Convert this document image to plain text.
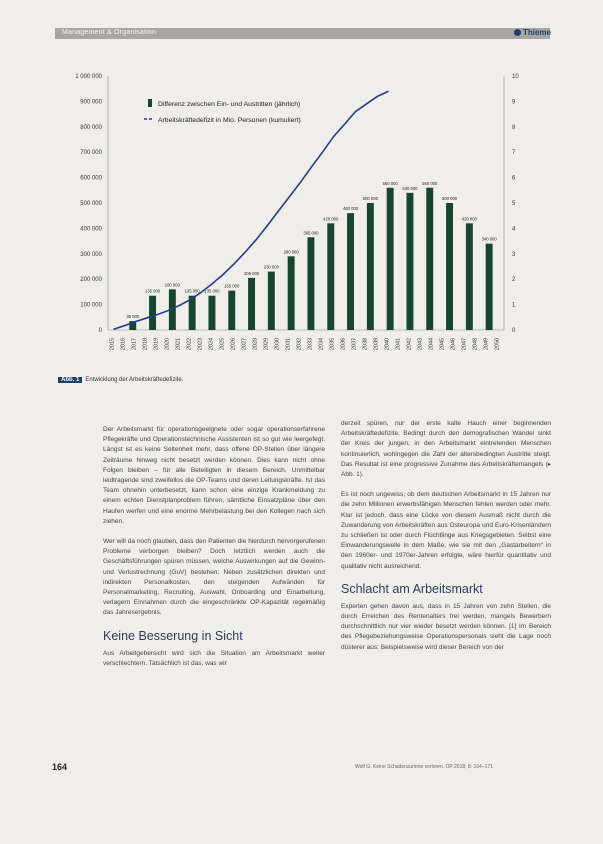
Management & Organisation	Thieme
1 000 000
900 000
800 000
700 000
600 000
500 000
400 000
300 000
200 000
100 000
0
10
9
8
7
6
5
4
3
2
1
0
2015 2016 2017 2018 2019 2020 2021 2022 2023 2024 2025 2026 2027 2028 2029 2030 2031 2032 2033 2034 2035 2036 2037 2038 2039 2040 2041 2042 2043 2044 2045 2046 2047 2048 2049 2050
35 000
135 000
160 000
135 000 135 000
155 000
205 000
230 000
290 000
365 000
420 000
460 000
500 000
560 000
540 000
560 000
500 000
420 000
340 000
Differenz zwischen Ein- und Austritten (jährlich)
Arbeitskräftedefizit in Mio. Personen (kumuliert)
Abb. 1 Entwicklung der Arbeitskräftedefizite.

Der Arbeitsmarkt für operationsgeeignete oder sogar operationserfahrene Pflegekräfte und Operationstechnische Assistenten ist so gut wie leergefegt. Längst ist es keine Seltenheit mehr, dass offene OP-Stellen über längere Zeiträume hinweg nicht besetzt werden können. Dies kann nicht ohne Folgen bleiben – für alle Beteiligten in diesem Bereich. Unmittelbar leidtragende sind zweifellos die OP-Teams und deren Leitungskräfte. Ist das Team ohnehin unterbesetzt, kann schon eine einzige Krankmeldung zu einem echten Dienstplanproblem führen, sämtliche Einsatzpläne über den Haufen werfen und eine enorme Mehrbelastung bei den Kollegen nach sich ziehen.

Wer will da noch glauben, dass den Patienten die hierdurch hervorgerufenen Probleme verborgen bleiben? Doch letztlich werden auch die Geschäftsführungen spüren müssen, welche Auswirkungen auf die Gewinn- und Verlustrechnung (GuV) bestehen: Neben zusätzlichen direkten und indirekten Personalkosten, den steigenden Aufwänden für Personalmarketing, Recruiting, Auswahl, Onboarding und Einarbeitung, verlagern Einnahmen durch die eingeschränkte OP-Kapazität regelmäßig das Jahresergebnis.

Keine Besserung in Sicht

Aus Arbeitgebersicht wird sich die Situation am Arbeitsmarkt weiter verschlechtern. Tatsächlich ist das, was wir

derzeit spüren, nur der erste kalte Hauch einer beginnenden Arbeitskräftedefizite. Bedingt durch den demografischen Wandel sinkt der Kreis der jungen, in den Arbeitsmarkt eintretenden Menschen kontinuierlich, wohingegen die Zahl der altersbedingten Austritte steigt. Das Resultat ist eine progressive Zunahme des Arbeitskräftemangels (▸ Abb. 1).

Es ist noch ungewiss, ob dem deutschen Arbeitsmarkt in 15 Jahren nur die zehn Millionen erwerbsfähigen Menschen fehlen werden oder mehr. Klar ist jedoch, dass eine Lücke von diesem Ausmaß nicht durch die Zuwanderung von Arbeitskräften aus Osteuropa und Euro-Krisenländern zu schließen ist oder durch Flüchtlinge aus Kriegsgebieten. Selbst eine Einwanderungswelle in dem Maße, wie sie mit den „Gastarbeitern“ in den 1960er- und 1970er-Jahren erfolgte, wäre hierfür quantitativ und qualitativ nicht ausreichend.

Schlacht am Arbeitsmarkt

Experten gehen davon aus, dass in 15 Jahren von zehn Stellen, die durch Erreichen des Rentenalters frei werden, mangels Bewerbern durchschnittlich nur vier wieder besetzt werden können. [1] Im Bereich des Pflegebeziehungsweise Operationspersonals sieht die Lage noch düsterer aus: Beispielsweise wird dieser Bereich von der

164	Wolf G. Keine Schadensumme verloren. OP 2018; 8: 164–171
